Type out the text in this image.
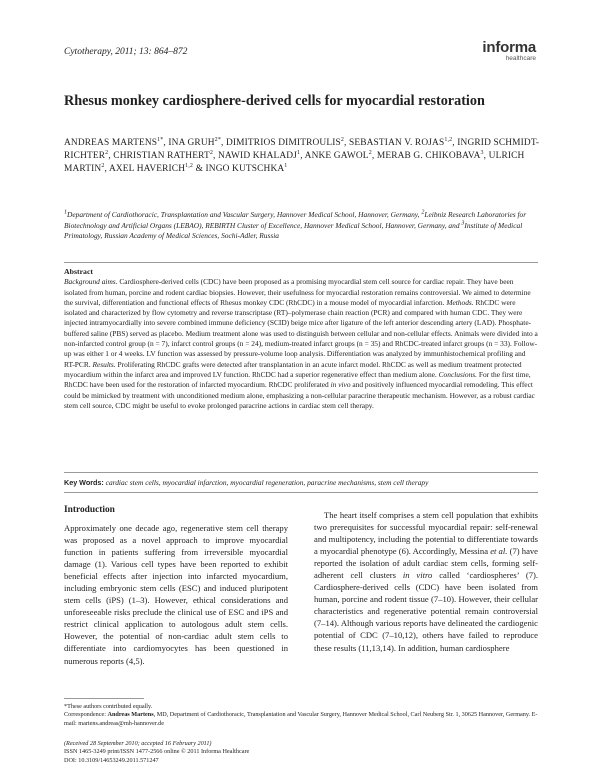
Cytotherapy, 2011; 13: 864–872	informa
healthcare
Rhesus monkey cardiosphere-derived cells for myocardial restoration
ANDREAS $MARTENS^{1*}$, INA $GRUH^{2*}$, DIMITRIOS DIMITROULIS$^2$, SEBASTIAN V. ROJAS$^{1,2}$, INGRID SCHMIDT-RICHTER$^2$, CHRISTIAN RATHERT$^2$, NAWID KHALADJ$^1$, ANKE GAWOL$^2$, MERAB G. CHIKOBAVA$^3$, ULRICH MARTIN$^2$, AXEL HAVERICH$^{1,2}$ & INGO KUTSCHKA$^1$
$^1$Department of Cardiothoracic, Transplantation and Vascular Surgery, Hannover Medical School, Hannover, Germany, $^2$Leibniz Research Laboratories for Biotechnology and Artificial Organs (LEBAO), REBIRTH Cluster of Excellence, Hannover Medical School, Hannover, Germany, and $^3$Institute of Medical Primatology, Russian Academy of Medical Sciences, Sochi-Adler, Russia
Abstract
Background aims. Cardiosphere-derived cells (CDC) have been proposed as a promising myocardial stem cell source for cardiac repair. They have been isolated from human, porcine and rodent cardiac biopsies. However, their usefulness for myocardial restoration remains controversial. We aimed to determine the survival, differentiation and functional effects of Rhesus monkey CDC (RhCDC) in a mouse model of myocardial infarction. Methods. RhCDC were isolated and characterized by flow cytometry and reverse transcriptase (RT)–polymerase chain reaction (PCR) and compared with human CDC. They were injected intramyocardially into severe combined immune deficiency (SCID) beige mice after ligature of the left anterior descending artery (LAD). Phosphate-buffered saline (PBS) served as placebo. Medium treatment alone was used to distinguish between cellular and non-cellular effects. Animals were divided into a non-infarcted control group (n = 7), infarct control groups (n = 24), medium-treated infarct groups (n = 35) and RhCDC-treated infarct groups (n = 33). Follow-up was either 1 or 4 weeks. LV function was assessed by pressure-volume loop analysis. Differentiation was analyzed by immunhistochemical profiling and RT-PCR. Results. Proliferating RhCDC grafts were detected after transplantation in an acute infarct model. RhCDC as well as medium treatment protected myocardium within the infarct area and improved LV function. RhCDC had a superior regenerative effect than medium alone. Conclusions. For the first time, RhCDC have been used for the restoration of infarcted myocardium. RhCDC proliferated in vivo and positively influenced myocardial remodeling. This effect could be mimicked by treatment with unconditioned medium alone, emphasizing a non-cellular paracrine therapeutic mechanism. However, as a robust cardiac stem cell source, CDC might be useful to evoke prolonged paracrine actions in cardiac stem cell therapy.
Key Words: cardiac stem cells, myocardial infarction, myocardial regeneration, paracrine mechanisms, stem cell therapy
Introduction
Approximately one decade ago, regenerative stem cell therapy was proposed as a novel approach to improve myocardial function in patients suffering from irreversible myocardial damage (1). Various cell types have been reported to exhibit beneficial effects after injection into infarcted myocardium, including embryonic stem cells (ESC) and induced pluripotent stem cells (iPS) (1–3). However, ethical considerations and unforeseeable risks preclude the clinical use of ESC and iPS and restrict clinical application to autologous adult stem cells. However, the potential of non-cardiac adult stem cells to differentiate into cardiomyocytes has been questioned in numerous reports (4,5).
The heart itself comprises a stem cell population that exhibits two prerequisites for successful myocardial repair: self-renewal and multipotency, including the potential to differentiate towards a myocardial phenotype (6). Accordingly, Messina et al. (7) have reported the isolation of adult cardiac stem cells, forming self-adherent cell clusters in vitro called ‘cardiospheres’ (7). Cardiosphere-derived cells (CDC) have been isolated from human, porcine and rodent tissue (7–10). However, their cellular characteristics and regenerative potential remain controversial (7–14). Although various reports have delineated the cardiogenic potential of CDC (7–10,12), others have failed to reproduce these results (11,13,14). In addition, human cardiosphere
*These authors contributed equally.
Correspondence: Andreas Martens, MD, Department of Cardiothoracic, Transplantation and Vascular Surgery, Hannover Medical School, Carl Neuberg Str. 1, 30625 Hannover, Germany. E-mail: martens.andreas@mh-hannover.de
(Received 28 September 2010; accepted 16 February 2011)
ISSN 1465-3249 print/ISSN 1477-2566 online © 2011 Informa Healthcare
DOI: 10.3109/14653249.2011.571247
